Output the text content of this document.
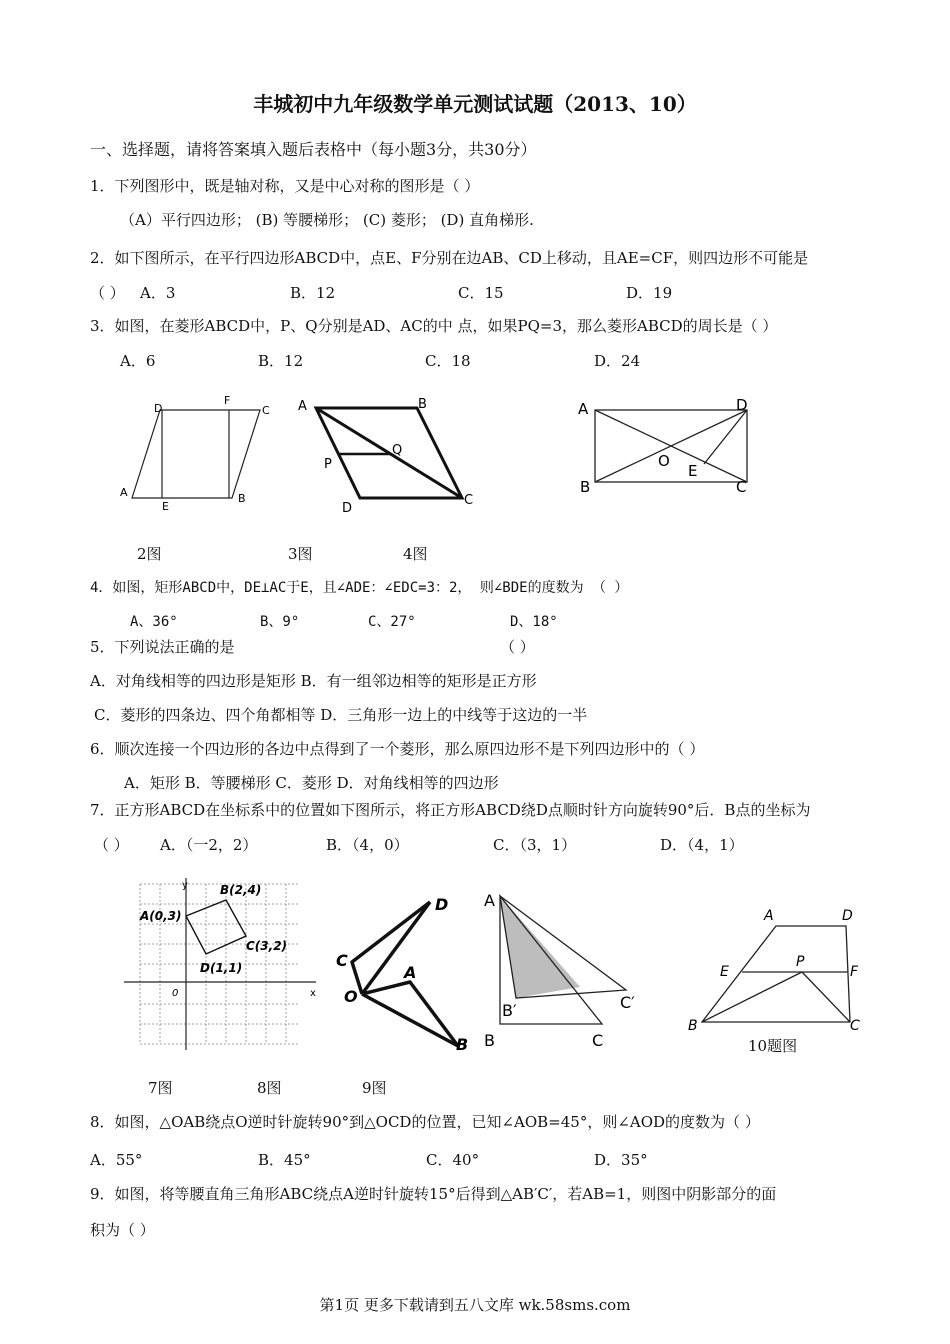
丰城初中九年级数学单元测试试题（2013、10）
一、选择题，请将答案填入题后表格中（每小题3分，共30分）
1．下列图形中，既是轴对称，又是中心对称的图形是（ ）
（A）平行四边形； (B) 等腰梯形； (C) 菱形； (D) 直角梯形.
2．如下图所示，在平行四边形ABCD中，点E、F分别在边AB、CD上移动，且AE=CF，则四边形不可能是
（ ） A．3	B．12	C．15	D．19
3．如图，在菱形ABCD中，P、Q分别是AD、AC的中 点，如果PQ=3，那么菱形ABCD的周长是（ ）
A．6	B．12	C．18	D．24
D
F
C
A
E
B
A	B
C
D
P
Q
A	D
B	C
O
E
2图	3图	4图
4．如图，矩形ABCD中，DE⊥AC于E，且∠ADE：∠EDC=3：2， 则∠BDE的度数为 （ ）
A、36°	B、9°	C、27°	D、18°
5．下列说法正确的是	（ ）
A．对角线相等的四边形是矩形 B．有一组邻边相等的矩形是正方形
C．菱形的四条边、四个角都相等 D．三角形一边上的中线等于这边的一半
6．顺次连接一个四边形的各边中点得到了一个菱形，那么原四边形不是下列四边形中的（ ）
A．矩形 B．等腰梯形 C．菱形 D．对角线相等的四边形
7．正方形ABCD在坐标系中的位置如下图所示，将正方形ABCD绕D点顺时针方向旋转90°后．B点的坐标为
（ ） A．（一2，2）	B．（4，0）	C．（3，1）	D．（4，1）
y
x
0
A(0,3)
B(2,4)
C(3,2)
D(1,1)
D
C
O
A
B
A
B	C
B′	C′
A	D
E
P
F
B	C
10题图
7图	8图	9图
8．如图，△OAB绕点O逆时针旋转90°到△OCD的位置，已知∠AOB=45°，则∠AOD的度数为（ ）
A．55°	B．45°	C．40°	D．35°
9．如图，将等腰直角三角形ABC绕点A逆时针旋转15°后得到△AB′C′，若AB=1，则图中阴影部分的面
积为（ ）
第1页 更多下载请到五八文库 wk.58sms.com
